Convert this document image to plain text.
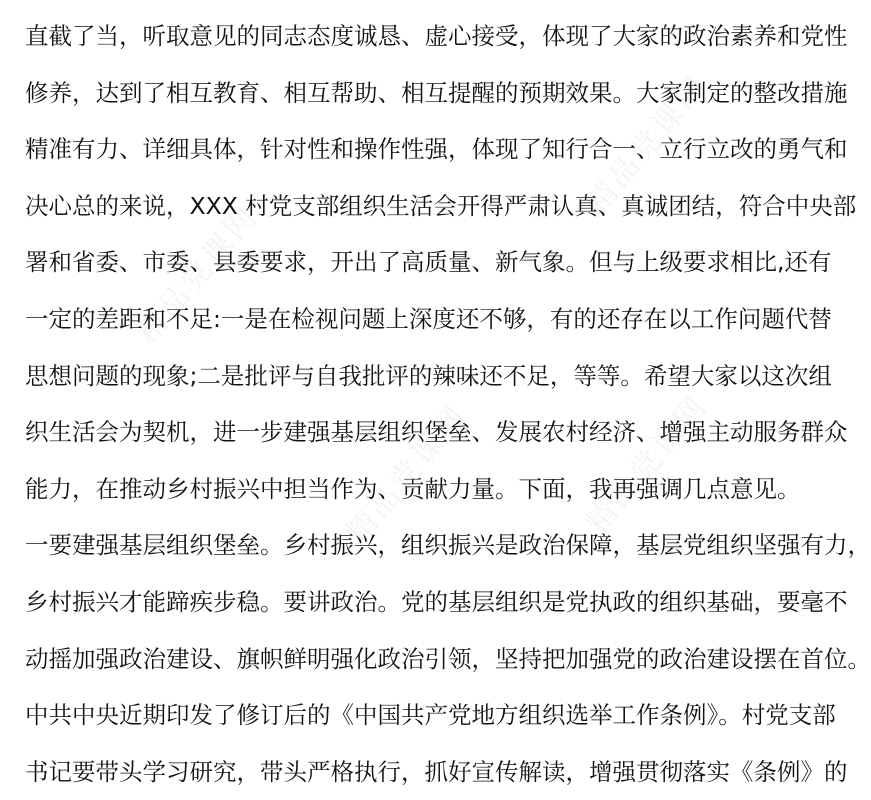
精品党课网
精品党课网
精品党课网
精品党课网
直截了当，听取意见的同志态度诚恳、虚心接受，体现了大家的政治素养和党性
修养，达到了相互教育、相互帮助、相互提醒的预期效果。大家制定的整改措施
精准有力、详细具体，针对性和操作性强，体现了知行合一、立行立改的勇气和
决心总的来说，XXX 村党支部组织生活会开得严肃认真、真诚团结，符合中央部
署和省委、市委、县委要求，开出了高质量、新气象。但与上级要求相比,还有
一定的差距和不足:一是在检视问题上深度还不够，有的还存在以工作问题代替
思想问题的现象;二是批评与自我批评的辣味还不足，等等。希望大家以这次组
织生活会为契机，进一步建强基层组织堡垒、发展农村经济、增强主动服务群众
能力，在推动乡村振兴中担当作为、贡献力量。下面，我再强调几点意见。
一要建强基层组织堡垒。乡村振兴，组织振兴是政治保障，基层党组织坚强有力，
乡村振兴才能蹄疾步稳。要讲政治。党的基层组织是党执政的组织基础，要毫不
动摇加强政治建设、旗帜鲜明强化政治引领，坚持把加强党的政治建设摆在首位。
中共中央近期印发了修订后的《中国共产党地方组织选举工作条例》。村党支部
书记要带头学习研究，带头严格执行，抓好宣传解读，增强贯彻落实《条例》的
